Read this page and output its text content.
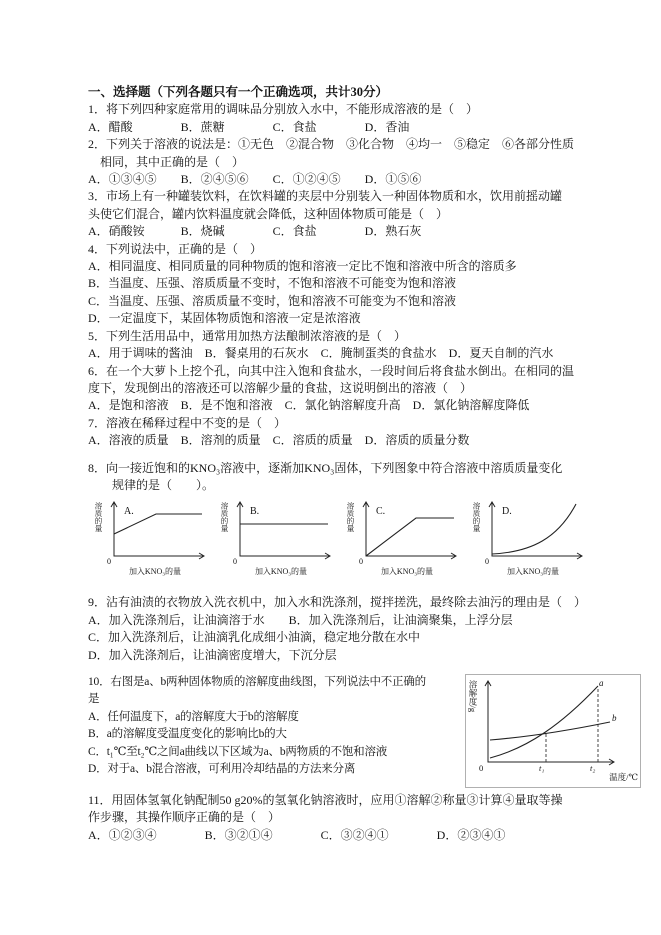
一、选择题（下列各题只有一个正确选项，共计30分）
1．将下列四种家庭常用的调味品分别放入水中，不能形成溶液的是（　）
A．醋酸　　　　B．蔗糖　　　　C．食盐　　　　D．香油
2．下列关于溶液的说法是：①无色　②混合物　③化合物　④均一　⑤稳定　⑥各部分性质
　相同，其中正确的是（　）
A．①③④⑤　　B．②④⑤⑥　　C．①②④⑤　　D．①⑤⑥
3．市场上有一种罐装饮料，在饮料罐的夹层中分别装入一种固体物质和水，饮用前摇动罐
头使它们混合，罐内饮料温度就会降低，这种固体物质可能是（　）
A．硝酸铵　　　B．烧碱　　　　C．食盐　　　　D．熟石灰
4．下列说法中，正确的是（　）
A．相同温度、相同质量的同种物质的饱和溶液一定比不饱和溶液中所含的溶质多
B．当温度、压强、溶质质量不变时，不饱和溶液不可能变为饱和溶液
C．当温度、压强、溶质质量不变时，饱和溶液不可能变为不饱和溶液
D．一定温度下，某固体物质饱和溶液一定是浓溶液
5．下列生活用品中，通常用加热方法酿制浓溶液的是（　）
A．用于调味的酱油　B．餐桌用的石灰水　C．腌制蛋类的食盐水　D．夏天自制的汽水
6．在一个大萝卜上挖个孔，向其中注入饱和食盐水，一段时间后将食盐水倒出。在相同的温
度下，发现倒出的溶液还可以溶解少量的食盐，这说明倒出的溶液（　）
A．是饱和溶液　B．是不饱和溶液　C．氯化钠溶解度升高　D．氯化钠溶解度降低
7．溶液在稀释过程中不变的是（　）
A．溶液的质量　B．溶剂的质量　C．溶质的质量　D．溶质的质量分数
8．向一接近饱和的KNO₃溶液中，逐渐加KNO₃固体，下列图象中符合溶液中溶质质量变化
　　规律的是（　　）。
溶质的量 A.
0
加入KNO₃的量
溶质的量 B.
0
加入KNO₃的量
溶质的量 C.
0
加入KNO₃的量
溶质的量 D.
0
加入KNO₃的量
9．沾有油渍的衣物放入洗衣机中，加入水和洗涤剂，搅拌搓洗，最终除去油污的理由是（　）
A．加入洗涤剂后，让油滴溶于水　　B．加入洗涤剂后，让油滴聚集，上浮分层
C．加入洗涤剂后，让油滴乳化成细小油滴，稳定地分散在水中
D．加入洗涤剂后，让油滴密度增大，下沉分层
溶解度/g
0	t₁	t₂
a
b
温度/℃
10．右图是a、b两种固体物质的溶解度曲线图，下列说法中不正确的
是
A．任何温度下，a的溶解度大于b的溶解度
B．a的溶解度受温度变化的影响比b的大
C．t₁℃至t₂℃之间a曲线以下区域为a、b两物质的不饱和溶液
D．对于a、b混合溶液，可利用冷却结晶的方法来分离
11．用固体氢氧化钠配制50 g20%的氢氧化钠溶液时，应用①溶解②称量③计算④量取等操
作步骤，其操作顺序正确的是（　）
A．①②③④　　　　B．③②①④　　　　C．③②④①　　　　D．②③④①
